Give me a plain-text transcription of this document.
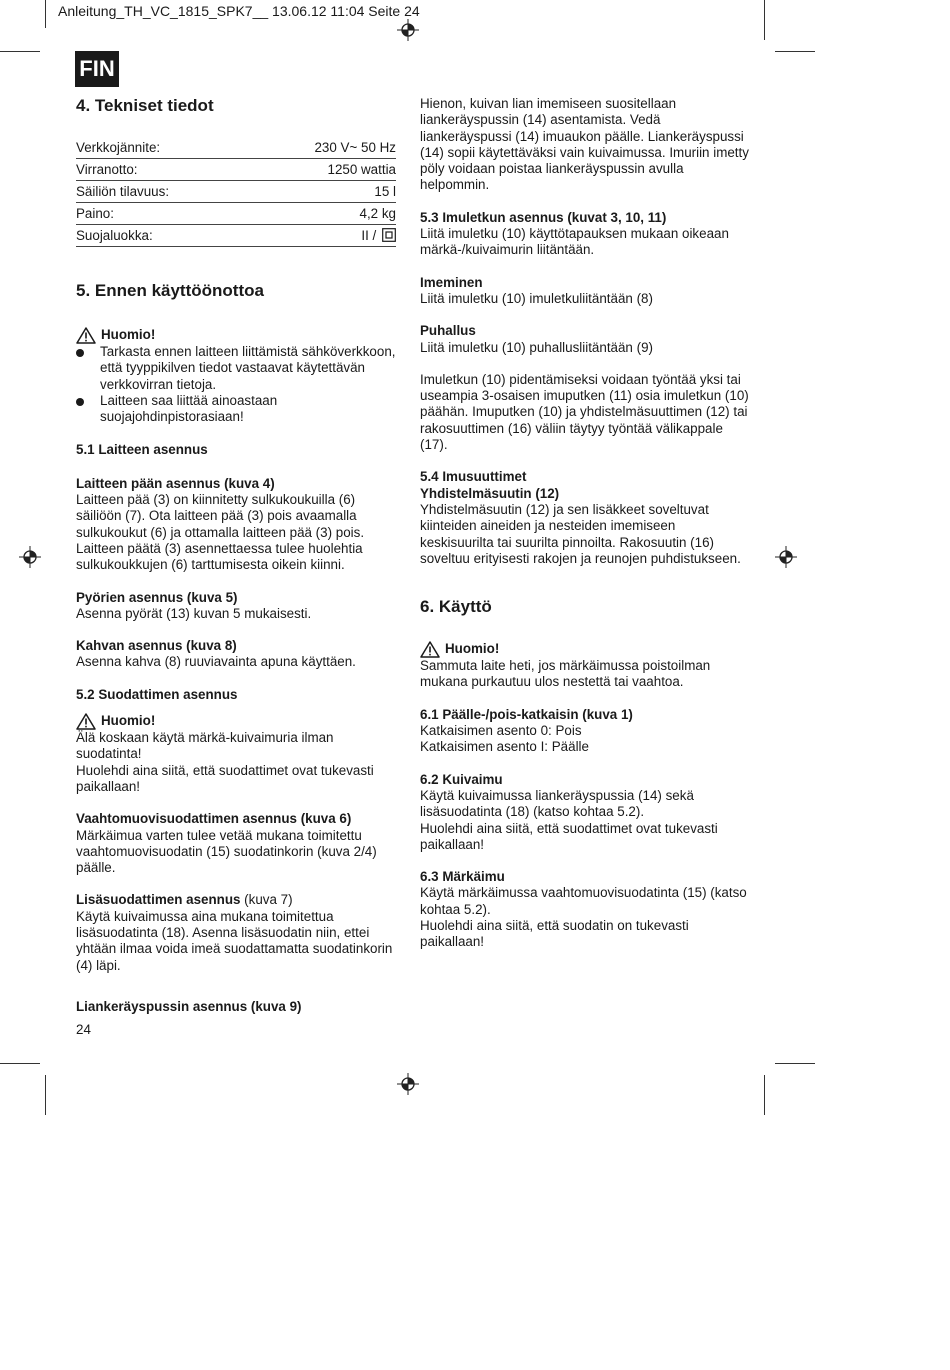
Anleitung_TH_VC_1815_SPK7__ 13.06.12 11:04 Seite 24
FIN
4. Tekniset tiedot
Verkkojännite:	230 V~ 50 Hz
Virranotto:	1250 wattia
Säiliön tilavuus:	15 l
Paino:	4,2 kg
Suojaluokka:	II /
5. Ennen käyttöönottoa
Huomio!
Tarkasta ennen laitteen liittämistä sähköverkkoon, että tyyppikilven tiedot vastaavat käytettävän verkkovirran tietoja.
Laitteen saa liittää ainoastaan suojajohdinpistorasiaan!

5.1 Laitteen asennus

Laitteen pään asennus (kuva 4)

Laitteen pää (3) on kiinnitetty sulkukoukuilla (6) säiliöön (7). Ota laitteen pää (3) pois avaamalla sulkukoukut (6) ja ottamalla laitteen pää (3) pois. Laitteen päätä (3) asennettaessa tulee huolehtia sulkukoukkujen (6) tarttumisesta oikein kiinni.

Pyörien asennus (kuva 5)

Asenna pyörät (13) kuvan 5 mukaisesti.

Kahvan asennus (kuva 8)

Asenna kahva (8) ruuviavainta apuna käyttäen.

5.2 Suodattimen asennus

Huomio!

Älä koskaan käytä märkä-kuivaimuria ilman suodatinta!

Huolehdi aina siitä, että suodattimet ovat tukevasti paikallaan!

Vaahtomuovisuodattimen asennus (kuva 6)

Märkäimua varten tulee vetää mukana toimitettu vaahtomuovisuodatin (15) suodatinkorin (kuva 2/4) päälle.

Lisäsuodattimen asennus (kuva 7)

Käytä kuivaimussa aina mukana toimitettua lisäsuodatinta (18). Asenna lisäsuodatin niin, ettei yhtään ilmaa voida imeä suodattamatta suodatinkorin (4) läpi.

Liankeräyspussin asennus (kuva 9)
24

Hienon, kuivan lian imemiseen suositellaan liankeräyspussin (14) asentamista. Vedä liankeräyspussi (14) imuaukon päälle. Liankeräyspussi (14) sopii käytettäväksi vain kuivaimussa. Imuriin imetty pöly voidaan poistaa liankeräyspussin avulla helpommin.

5.3 Imuletkun asennus (kuvat 3, 10, 11)

Liitä imuletku (10) käyttötapauksen mukaan oikeaan märkä-/kuivaimurin liitäntään.

Imeminen

Liitä imuletku (10) imuletkuliitäntään (8)

Puhallus

Liitä imuletku (10) puhallusliitäntään (9)

Imuletkun (10) pidentämiseksi voidaan työntää yksi tai useampia 3-osaisen imuputken (11) osia imuletkun (10) päähän. Imuputken (10) ja yhdistelmäsuuttimen (12) tai rakosuuttimen (16) väliin täytyy työntää välikappale (17).

5.4 Imusuuttimet

Yhdistelmäsuutin (12)

Yhdistelmäsuutin (12) ja sen lisäkkeet soveltuvat kiinteiden aineiden ja nesteiden imemiseen keskisuurilta tai suurilta pinnoilta. Rakosuutin (16) soveltuu erityisesti rakojen ja reunojen puhdistukseen.

6. Käyttö
Huomio!

Sammuta laite heti, jos märkäimussa poistoilman mukana purkautuu ulos nestettä tai vaahtoa.

6.1 Päälle-/pois-katkaisin (kuva 1)

Katkaisimen asento 0: Pois

Katkaisimen asento I: Päälle

6.2 Kuivaimu

Käytä kuivaimussa liankeräyspussia (14) sekä lisäsuodatinta (18) (katso kohtaa 5.2).

Huolehdi aina siitä, että suodattimet ovat tukevasti paikallaan!

6.3 Märkäimu

Käytä märkäimussa vaahtomuovisuodatinta (15) (katso kohtaa 5.2).

Huolehdi aina siitä, että suodatin on tukevasti paikallaan!
